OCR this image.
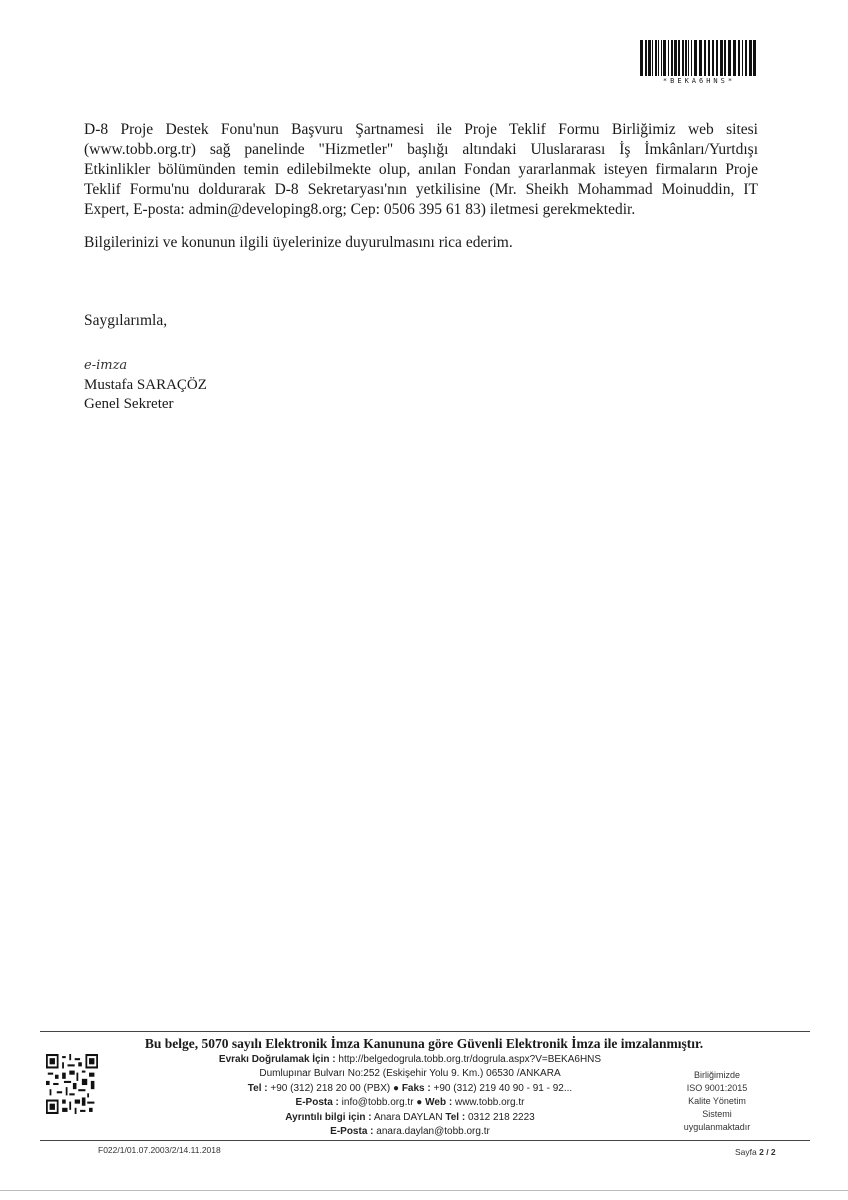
*BEKA6HNS*
D-8 Proje Destek Fonu'nun Başvuru Şartnamesi ile Proje Teklif Formu Birliğimiz web sitesi
(www.tobb.org.tr) sağ panelinde "Hizmetler" başlığı altındaki Uluslararası İş İmkânları/Yurtdışı
Etkinlikler bölümünden temin edilebilmekte olup, anılan Fondan yararlanmak isteyen firmaların Proje
Teklif Formu'nu doldurarak D-8 Sekretaryası'nın yetkilisine (Mr. Sheikh Mohammad Moinuddin, IT
Expert, E-posta: admin@developing8.org; Cep: 0506 395 61 83) iletmesi gerekmektedir.
Bilgilerinizi ve konunun ilgili üyelerinize duyurulmasını rica ederim.
Saygılarımla,
e-imza
Mustafa SARAÇÖZ
Genel Sekreter
Bu belge, 5070 sayılı Elektronik İmza Kanununa göre Güvenli Elektronik İmza ile imzalanmıştır.
Evrakı Doğrulamak İçin : http://belgedogrula.tobb.org.tr/dogrula.aspx?V=BEKA6HNS
Dumlupınar Bulvarı No:252 (Eskişehir Yolu 9. Km.) 06530 /ANKARA
Tel : +90 (312) 218 20 00 (PBX) ● Faks : +90 (312) 219 40 90 - 91 - 92...
E-Posta : info@tobb.org.tr ● Web : www.tobb.org.tr
Ayrıntılı bilgi için : Anara DAYLAN Tel : 0312 218 2223
E-Posta : anara.daylan@tobb.org.tr
Birliğimizde
ISO 9001:2015
Kalite Yönetim
Sistemi
uygulanmaktadır
F022/1/01.07.2003/2/14.11.2018	Sayfa 2 / 2
